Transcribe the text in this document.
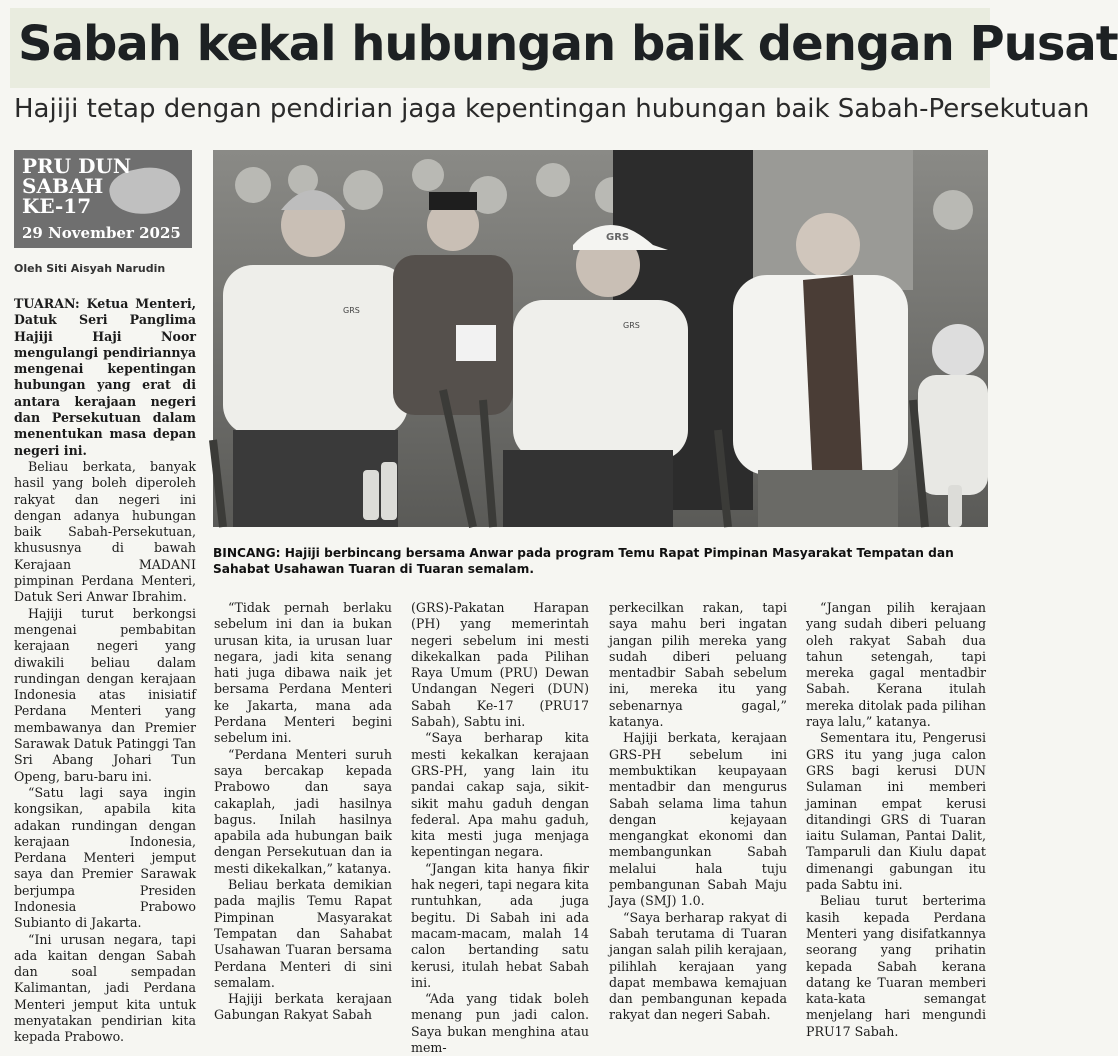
Sabah kekal hubungan baik dengan Pusat
Hajiji tetap dengan pendirian jaga kepentingan hubungan baik Sabah-Persekutuan
PRU DUN
SABAH
KE-17
29 November 2025
Oleh Siti Aisyah Narudin
GRS
GRS
GRS
BINCANG: Hajiji berbincang bersama Anwar pada program Temu Rapat Pimpinan Masyarakat Tempatan dan Sahabat Usahawan Tuaran di Tuaran semalam.

TUARAN: Ketua Menteri, Datuk Seri Panglima Hajiji Haji Noor mengulangi pendiriannya mengenai kepentingan hubungan yang erat di antara kerajaan negeri dan Persekutuan dalam menentukan masa depan negeri ini.

Beliau berkata, banyak hasil yang boleh diperoleh rakyat dan negeri ini dengan adanya hubungan baik Sabah-Persekutuan, khususnya di bawah Kerajaan MADANI pimpinan Perdana Menteri, Datuk Seri Anwar Ibrahim.

Hajiji turut berkongsi mengenai pembabitan kerajaan negeri yang diwakili beliau dalam rundingan dengan kerajaan Indonesia atas inisiatif Perdana Menteri yang membawanya dan Premier Sarawak Datuk Patinggi Tan Sri Abang Johari Tun Openg, baru-baru ini.

“Satu lagi saya ingin kongsikan, apabila kita adakan rundingan dengan kerajaan Indonesia, Perdana Menteri jemput saya dan Premier Sarawak berjumpa Presiden Indonesia Prabowo Subianto di Jakarta.

“Ini urusan negara, tapi ada kaitan dengan Sabah dan soal sempadan Kalimantan, jadi Perdana Menteri jemput kita untuk menyatakan pendirian kita kepada Prabowo.

“Tidak pernah berlaku sebelum ini dan ia bukan urusan kita, ia urusan luar negara, jadi kita senang hati juga dibawa naik jet bersama Perdana Menteri ke Jakarta, mana ada Perdana Menteri begini sebelum ini.

“Perdana Menteri suruh saya bercakap kepada Prabowo dan saya cakaplah, jadi hasilnya bagus. Inilah hasilnya apabila ada hubungan baik dengan Persekutuan dan ia mesti dikekalkan,” katanya.

Beliau berkata demikian pada majlis Temu Rapat Pimpinan Masyarakat Tempatan dan Sahabat Usahawan Tuaran bersama Perdana Menteri di sini semalam.

Hajiji berkata kerajaan Gabungan Rakyat Sabah

(GRS)-Pakatan Harapan (PH) yang memerintah negeri sebelum ini mesti dikekalkan pada Pilihan Raya Umum (PRU) Dewan Undangan Negeri (DUN) Sabah Ke-17 (PRU17 Sabah), Sabtu ini.

“Saya berharap kita mesti kekalkan kerajaan GRS-PH, yang lain itu pandai cakap saja, sikit-sikit mahu gaduh dengan federal. Apa mahu gaduh, kita mesti juga menjaga kepentingan negara.

“Jangan kita hanya fikir hak negeri, tapi negara kita runtuhkan, ada juga begitu. Di Sabah ini ada macam-macam, malah 14 calon bertanding satu kerusi, itulah hebat Sabah ini.

“Ada yang tidak boleh menang pun jadi calon. Saya bukan menghina atau mem-

perkecilkan rakan, tapi saya mahu beri ingatan jangan pilih mereka yang sudah diberi peluang mentadbir Sabah sebelum ini, mereka itu yang sebenarnya gagal,” katanya.

Hajiji berkata, kerajaan GRS-PH sebelum ini membuktikan keupayaan mentadbir dan mengurus Sabah selama lima tahun dengan kejayaan mengangkat ekonomi dan membangunkan Sabah melalui hala tuju pembangunan Sabah Maju Jaya (SMJ) 1.0.

“Saya berharap rakyat di Sabah terutama di Tuaran jangan salah pilih kerajaan, pilihlah kerajaan yang dapat membawa kemajuan dan pembangunan kepada rakyat dan negeri Sabah.

“Jangan pilih kerajaan yang sudah diberi peluang oleh rakyat Sabah dua tahun setengah, tapi mereka gagal mentadbir Sabah. Kerana itulah mereka ditolak pada pilihan raya lalu,” katanya.

Sementara itu, Pengerusi GRS itu yang juga calon GRS bagi kerusi DUN Sulaman ini memberi jaminan empat kerusi ditandingi GRS di Tuaran iaitu Sulaman, Pantai Dalit, Tamparuli dan Kiulu dapat dimenangi gabungan itu pada Sabtu ini.

Beliau turut berterima kasih kepada Perdana Menteri yang disifatkannya seorang yang prihatin kepada Sabah kerana datang ke Tuaran memberi kata-kata semangat menjelang hari mengundi PRU17 Sabah.
